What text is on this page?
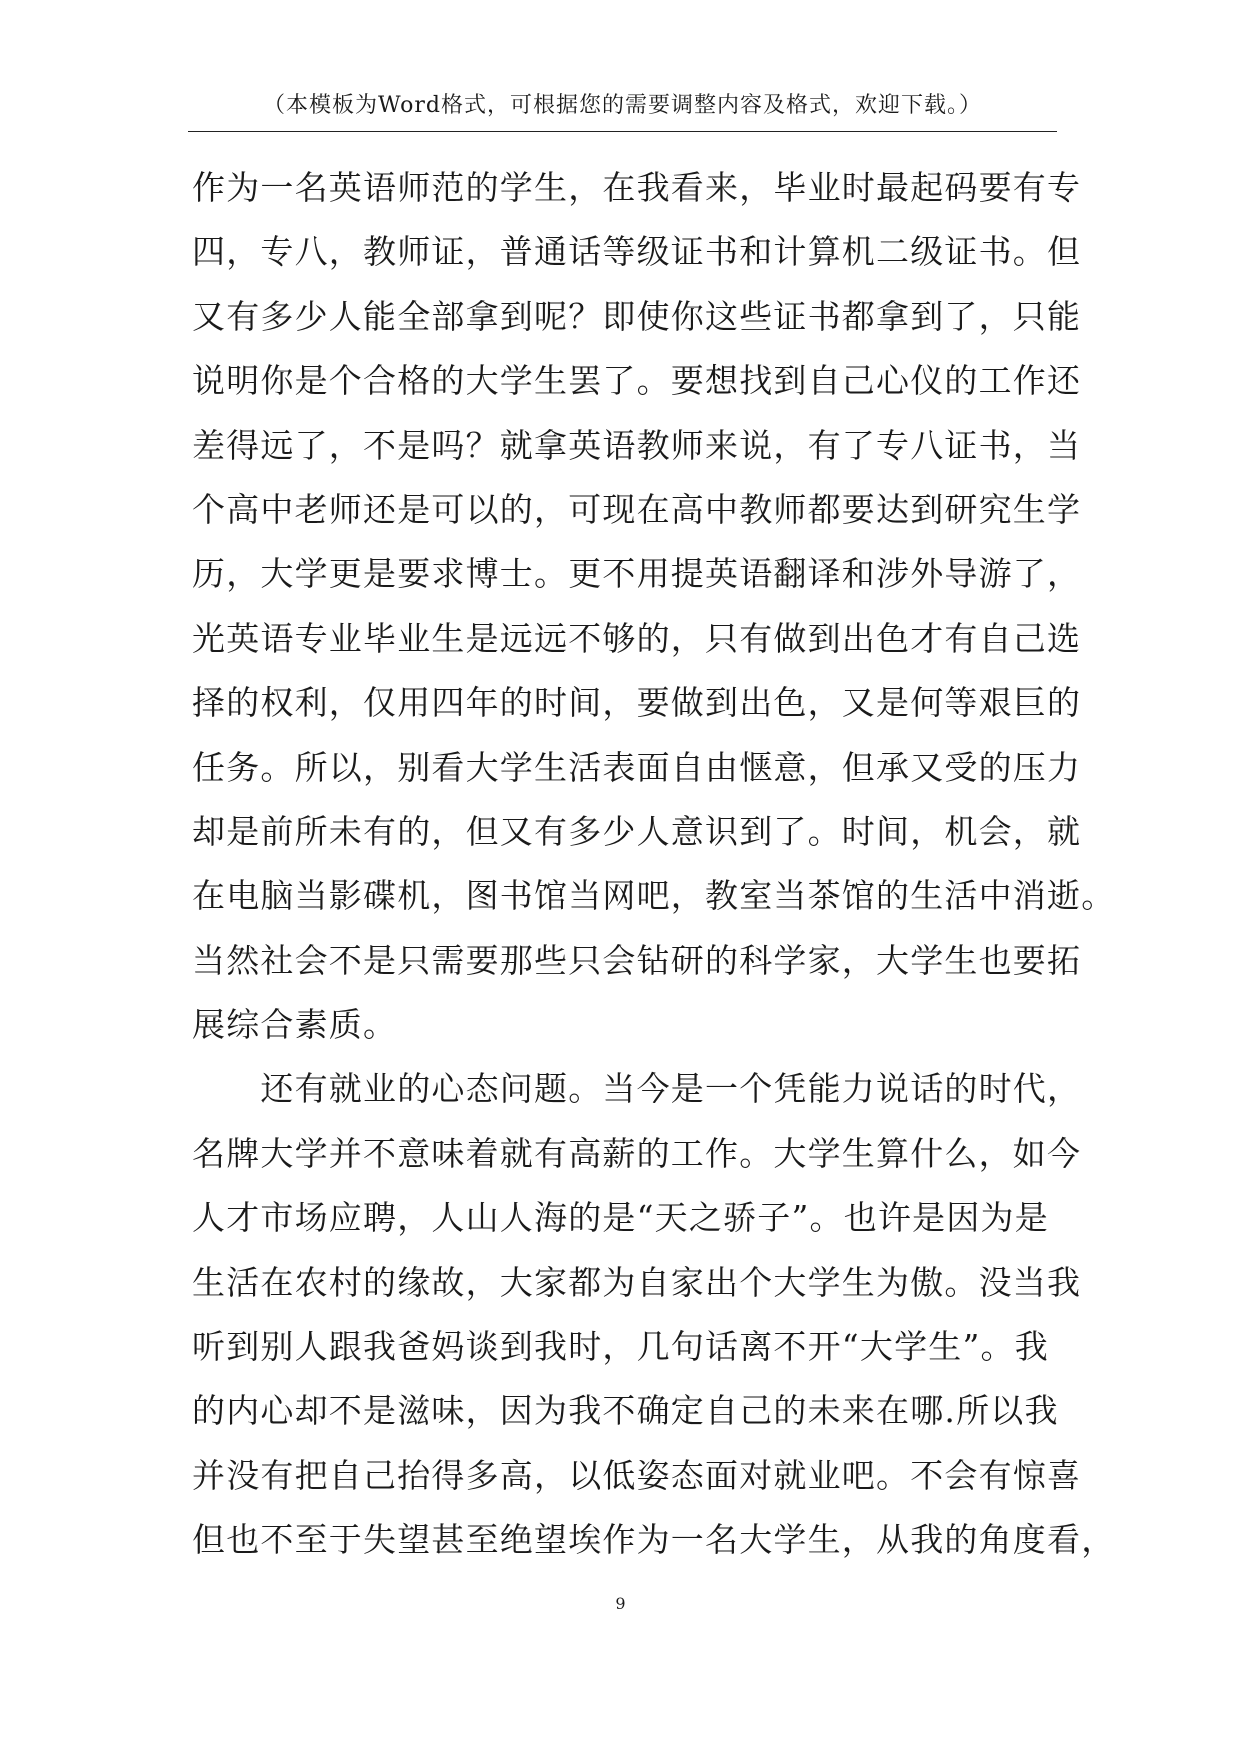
（本模板为Word格式，可根据您的需要调整内容及格式，欢迎下载。）
作为一名英语师范的学生，在我看来，毕业时最起码要有专
四，专八，教师证，普通话等级证书和计算机二级证书。但
又有多少人能全部拿到呢？即使你这些证书都拿到了，只能
说明你是个合格的大学生罢了。要想找到自己心仪的工作还
差得远了，不是吗？就拿英语教师来说，有了专八证书，当
个高中老师还是可以的，可现在高中教师都要达到研究生学
历，大学更是要求博士。更不用提英语翻译和涉外导游了，
光英语专业毕业生是远远不够的，只有做到出色才有自己选
择的权利，仅用四年的时间，要做到出色，又是何等艰巨的
任务。所以，别看大学生活表面自由惬意，但承又受的压力
却是前所未有的，但又有多少人意识到了。时间，机会，就
在电脑当影碟机，图书馆当网吧，教室当茶馆的生活中消逝。
当然社会不是只需要那些只会钻研的科学家，大学生也要拓
展综合素质。
　　还有就业的心态问题。当今是一个凭能力说话的时代，
名牌大学并不意味着就有高薪的工作。大学生算什么，如今
人才市场应聘，人山人海的是“天之骄子”。也许是因为是
生活在农村的缘故，大家都为自家出个大学生为傲。没当我
听到别人跟我爸妈谈到我时，几句话离不开“大学生”。我
的内心却不是滋味，因为我不确定自己的未来在哪.所以我
并没有把自己抬得多高，以低姿态面对就业吧。不会有惊喜
但也不至于失望甚至绝望埃作为一名大学生，从我的角度看，
9
